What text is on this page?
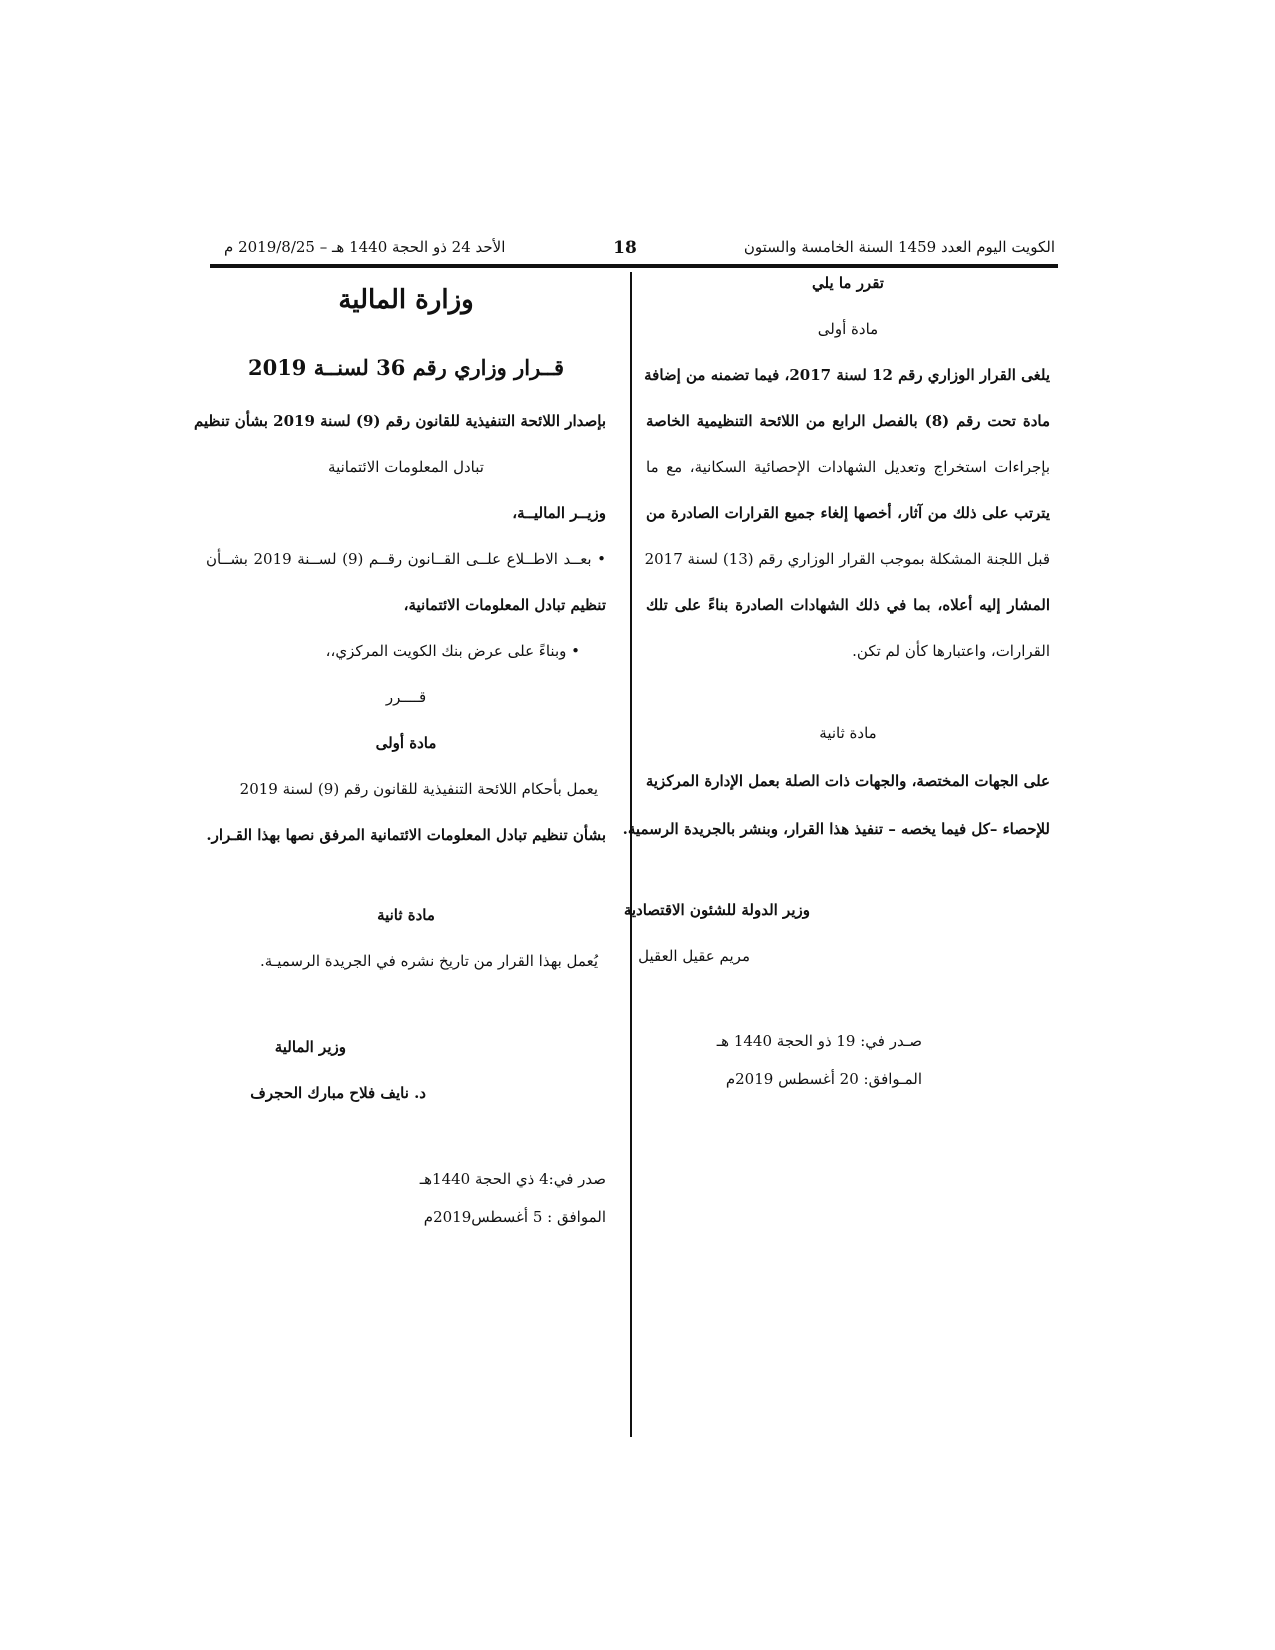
الكويت اليوم العدد 1459 السنة الخامسة والستون
18
الأحد 24 ذو الحجة 1440 هـ – 2019/8/25 م
تقرر ما يلي
مادة أولى
يلغى القرار الوزاري رقم 12 لسنة 2017، فيما تضمنه من إضافة
مادة تحت رقم (8) بالفصل الرابع من اللائحة التنظيمية الخاصة
بإجراءات استخراج وتعديل الشهادات الإحصائية السكانية، مع ما
يترتب على ذلك من آثار، أخصها إلغاء جميع القرارات الصادرة من
قبل اللجنة المشكلة بموجب القرار الوزاري رقم (13) لسنة 2017
المشار إليه أعلاه، بما في ذلك الشهادات الصادرة بناءً على تلك
القرارات، واعتبارها كأن لم تكن.
مادة ثانية
على الجهات المختصة، والجهات ذات الصلة بعمل الإدارة المركزية
للإحصاء –كل فيما يخصه – تنفيذ هذا القرار، وبنشر بالجريدة الرسمية.
وزير الدولة للشئون الاقتصادية
مريم عقيل العقيل
صـدر في: 19 ذو الحجة 1440 هـ
المـوافق: 20 أغسطس 2019م
وزارة المالية
قــرار وزاري رقم 36 لسنــة 2019
بإصدار اللائحة التنفيذية للقانون رقم (9) لسنة 2019 بشأن تنظيم
تبادل المعلومات الائتمانية
وزيــر الماليــة،
• بعــد الاطــلاع علــى القــانون رقــم (9) لســنة 2019 بشــأن
تنظيم تبادل المعلومات الائتمانية،
• وبناءً على عرض بنك الكويت المركزي،،
قــــرر
مادة أولى
يعمل بأحكام اللائحة التنفيذية للقانون رقم (9) لسنة 2019
بشأن تنظيم تبادل المعلومات الائتمانية المرفق نصها بهذا القـرار.
مادة ثانية
يُعمل بهذا القرار من تاريخ نشره في الجريدة الرسميـة.
وزير المالية
د. نايف فلاح مبارك الحجرف
صدر في:4 ذي الحجة 1440هـ
الموافق : 5 أغسطس2019م
